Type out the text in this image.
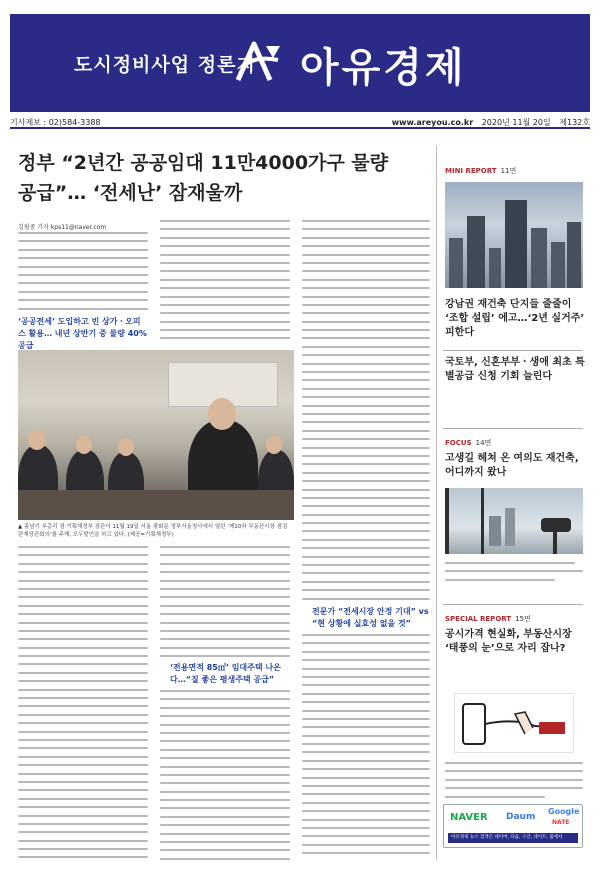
도시정비사업 정론지 아유경제
기사제보 : 02)584-3388	www.areyou.co.kr 2020년 11월 20일 제132호
정부 “2년간 공공임대 11만4000가구 물량
공급”… ‘전세난’ 잠재울까
김필중 기자 kps11@naver.com
‘공공전세’ 도입하고 빈 상가ㆍ오피스 활용… 내년 상반기 중 물량 40% 공급
전문가 “전세시장 안정 기대” vs “현 상황에 실효성 없을 것”
▲ 홍남기 부총리 겸 기획재정부 장관이 11월 19일 서울 광화문 정부서울청사에서 열린 ‘제10차 부동산시장 점검 관계장관회의’를 주재, 모두발언을 하고 있다. (제공=기획재정부)
‘전용면적 85㎡’ 임대주택 나온다…“질 좋은 평생주택 공급”
MINI REPORT 11면
강남권 재건축 단지들 줄줄이 ‘조합 설립’ 에고…‘2년 실거주’ 피한다
국토부, 신혼부부ㆍ생애 최초 특별공급 신청 기회 늘린다
FOCUS 14면
고생길 헤쳐 온 여의도 재건축, 어디까지 왔나
SPECIAL REPORT 15면
공시가격 현실화, 부동산시장 ‘태풍의 눈’으로 자리 잡나?
NAVER Daum
Google
NATE
아유경제 뉴스 검색은 네이버, 다음, 구글, 네이트, 줌에서
